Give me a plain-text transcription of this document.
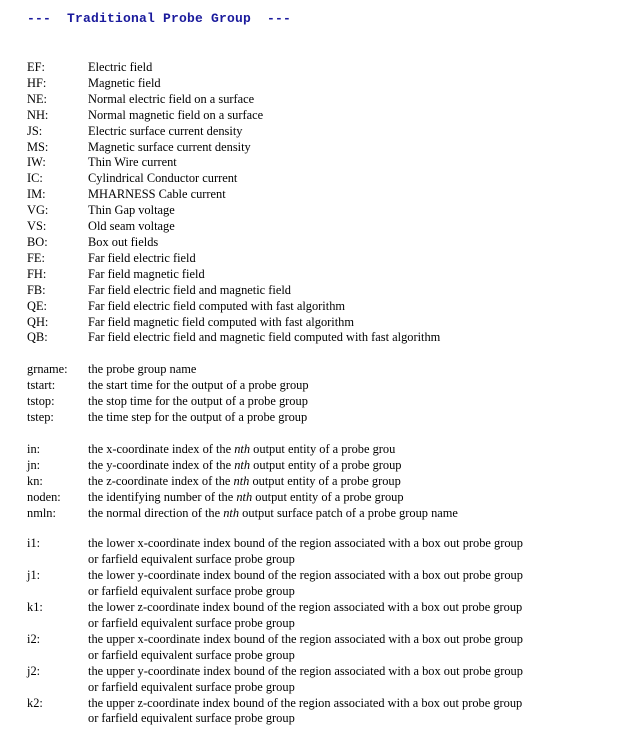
---  Traditional Probe Group  ---
EF:	Electric field
HF:	Magnetic field
NE:	Normal electric field on a surface
NH:	Normal magnetic field on a surface
JS:	Electric surface current density
MS:	Magnetic surface current density
IW:	Thin Wire current
IC:	Cylindrical Conductor current
IM:	MHARNESS Cable current
VG:	Thin Gap voltage
VS:	Old seam voltage
BO:	Box out fields
FE:	Far field electric field
FH:	Far field magnetic field
FB:	Far field electric field and magnetic field
QE:	Far field electric field computed with fast algorithm
QH:	Far field magnetic field computed with fast algorithm
QB:	Far field electric field and magnetic field computed with fast algorithm
grname:	the probe group name
tstart:	the start time for the output of a probe group
tstop:	the stop time for the output of a probe group
tstep:	the time step for the output of a probe group
in:	the x-coordinate index of the nth output entity of a probe grou
jn:	the y-coordinate index of the nth output entity of a probe group
kn:	the z-coordinate index of the nth output entity of a probe group
noden:	the identifying number of the nth output entity of a probe group
nmln:	the normal direction of the nth output surface patch of a probe group name
i1:	the lower x-coordinate index bound of the region associated with a box out probe group
or farfield equivalent surface probe group
j1:	the lower y-coordinate index bound of the region associated with a box out probe group
or farfield equivalent surface probe group
k1:	the lower z-coordinate index bound of the region associated with a box out probe group
or farfield equivalent surface probe group
i2:	the upper x-coordinate index bound of the region associated with a box out probe group
or farfield equivalent surface probe group
j2:	the upper y-coordinate index bound of the region associated with a box out probe group
or farfield equivalent surface probe group
k2:	the upper z-coordinate index bound of the region associated with a box out probe group
or farfield equivalent surface probe group
